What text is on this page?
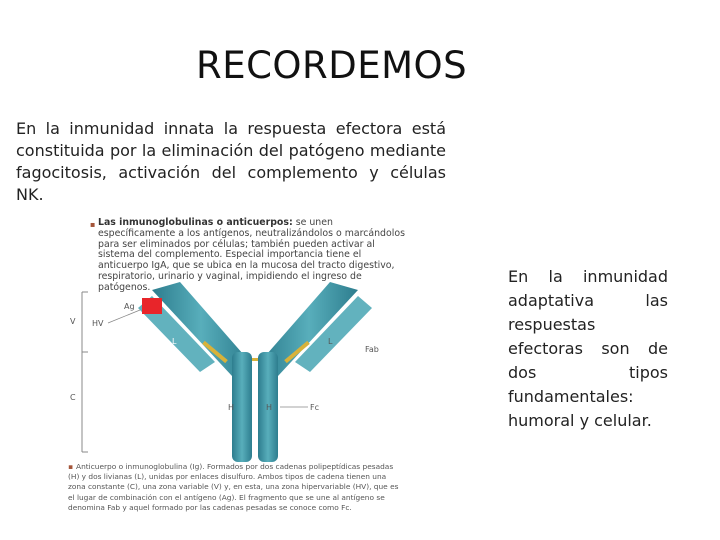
RECORDEMOS
En la inmunidad innata la respuesta efectora está constituida por la eliminación del patógeno mediante fagocitosis, activación del complemento y células NK.
▪ Las inmunoglobulinas o anticuerpos: se unen específicamente a los antígenos, neutralizándolos o marcándolos para ser eliminados por células; también pueden activar al sistema del complemento. Especial importancia tiene el anticuerpo IgA, que se ubica en la mucosa del tracto digestivo, respiratorio, urinario y vaginal, impidiendo el ingreso de patógenos.
Ag
HV
V
C
L	L
Fab
H	H	Fc
▪ Anticuerpo o inmunoglobulina (Ig). Formados por dos cadenas polipeptídicas pesadas (H) y dos livianas (L), unidas por enlaces disulfuro. Ambos tipos de cadena tienen una zona constante (C), una zona variable (V) y, en esta, una zona hipervariable (HV), que es el lugar de combinación con el antígeno (Ag). El fragmento que se une al antígeno se denomina Fab y aquel formado por las cadenas pesadas se conoce como Fc.
En la inmunidad adaptativa las respuestas efectoras son de dos tipos fundamentales: humoral y celular.
